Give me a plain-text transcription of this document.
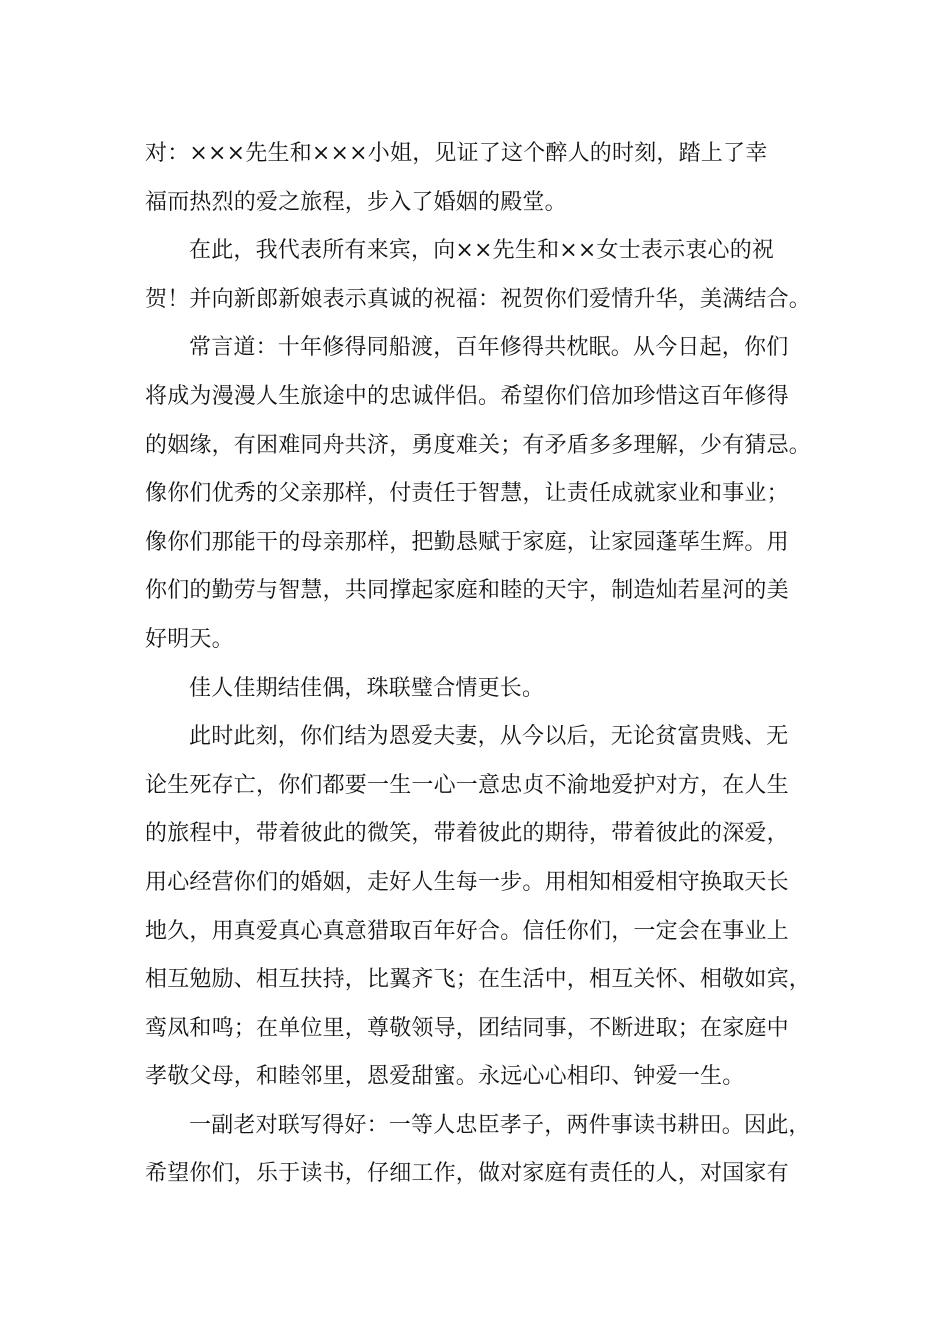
对：×××先生和×××小姐，见证了这个醉人的时刻，踏上了幸
福而热烈的爱之旅程，步入了婚姻的殿堂。
在此，我代表所有来宾，向××先生和××女士表示衷心的祝
贺！并向新郎新娘表示真诚的祝福：祝贺你们爱情升华，美满结合。
常言道：十年修得同船渡，百年修得共枕眠。从今日起，你们
将成为漫漫人生旅途中的忠诚伴侣。希望你们倍加珍惜这百年修得
的姻缘，有困难同舟共济，勇度难关；有矛盾多多理解，少有猜忌。
像你们优秀的父亲那样，付责任于智慧，让责任成就家业和事业；
像你们那能干的母亲那样，把勤恳赋于家庭，让家园蓬荜生辉。用
你们的勤劳与智慧，共同撑起家庭和睦的天宇，制造灿若星河的美
好明天。
佳人佳期结佳偶，珠联璧合情更长。
此时此刻，你们结为恩爱夫妻，从今以后，无论贫富贵贱、无
论生死存亡，你们都要一生一心一意忠贞不渝地爱护对方，在人生
的旅程中，带着彼此的微笑，带着彼此的期待，带着彼此的深爱，
用心经营你们的婚姻，走好人生每一步。用相知相爱相守换取天长
地久，用真爱真心真意猎取百年好合。信任你们，一定会在事业上
相互勉励、相互扶持，比翼齐飞；在生活中，相互关怀、相敬如宾，
鸾凤和鸣；在单位里，尊敬领导，团结同事，不断进取；在家庭中
孝敬父母，和睦邻里，恩爱甜蜜。永远心心相印、钟爱一生。
一副老对联写得好：一等人忠臣孝子，两件事读书耕田。因此，
希望你们，乐于读书，仔细工作，做对家庭有责任的人，对国家有
